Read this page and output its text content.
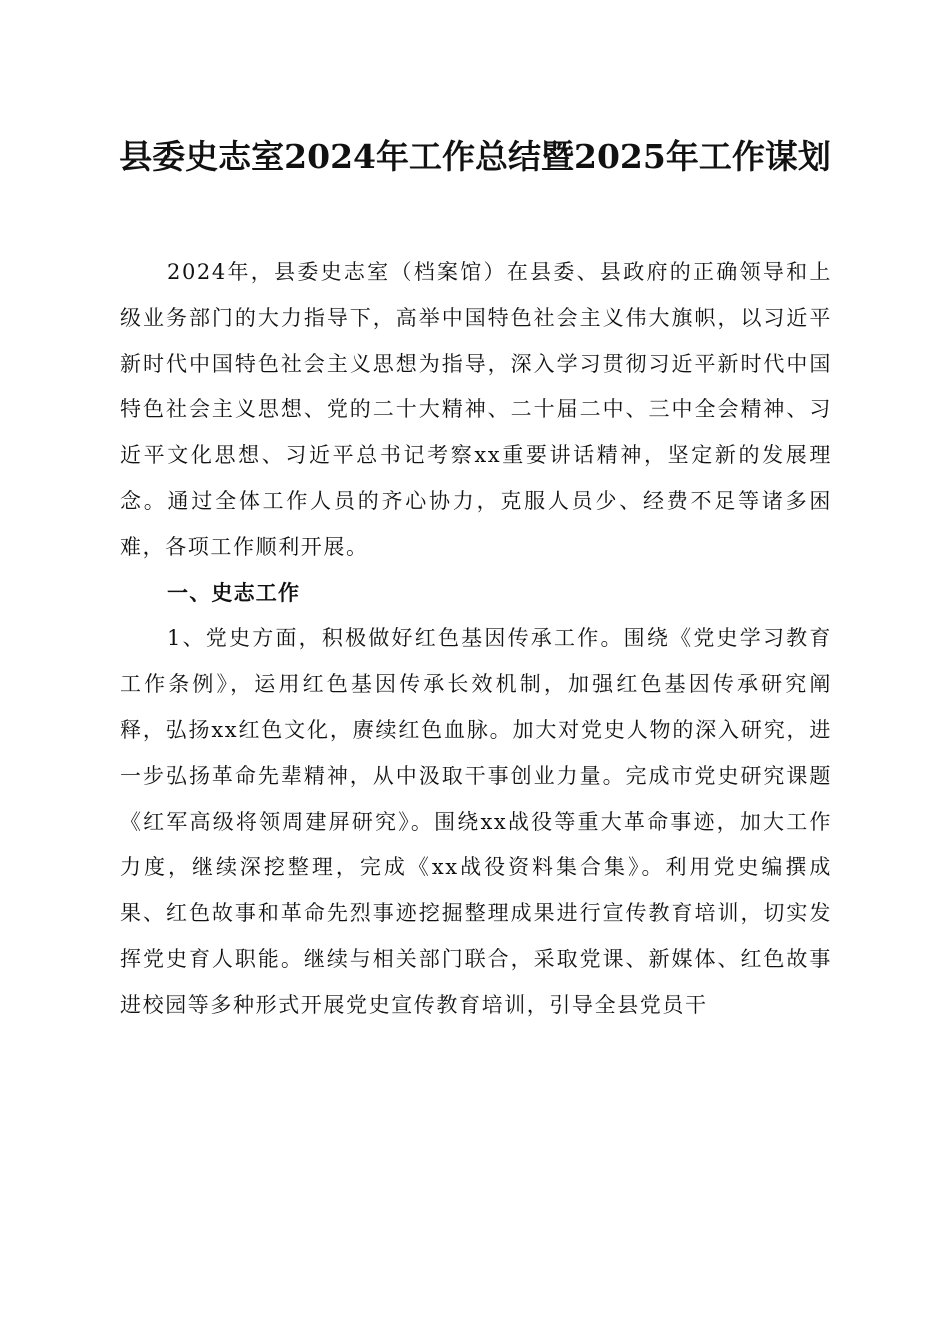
县委史志室2024年工作总结暨2025年工作谋划

2024年，县委史志室（档案馆）在县委、县政府的正确领导和上级业务部门的大力指导下，高举中国特色社会主义伟大旗帜，以习近平新时代中国特色社会主义思想为指导，深入学习贯彻习近平新时代中国特色社会主义思想、党的二十大精神、二十届二中、三中全会精神、习近平文化思想、习近平总书记考察xx重要讲话精神，坚定新的发展理念。通过全体工作人员的齐心协力，克服人员少、经费不足等诸多困难，各项工作顺利开展。

一、史志工作

1、党史方面，积极做好红色基因传承工作。围绕《党史学习教育工作条例》，运用红色基因传承长效机制，加强红色基因传承研究阐释，弘扬xx红色文化，赓续红色血脉。加大对党史人物的深入研究，进一步弘扬革命先辈精神，从中汲取干事创业力量。完成市党史研究课题《红军高级将领周建屏研究》。围绕xx战役等重大革命事迹，加大工作力度，继续深挖整理，完成《xx战役资料集合集》。利用党史编撰成果、红色故事和革命先烈事迹挖掘整理成果进行宣传教育培训，切实发挥党史育人职能。继续与相关部门联合，采取党课、新媒体、红色故事进校园等多种形式开展党史宣传教育培训，引导全县党员干
